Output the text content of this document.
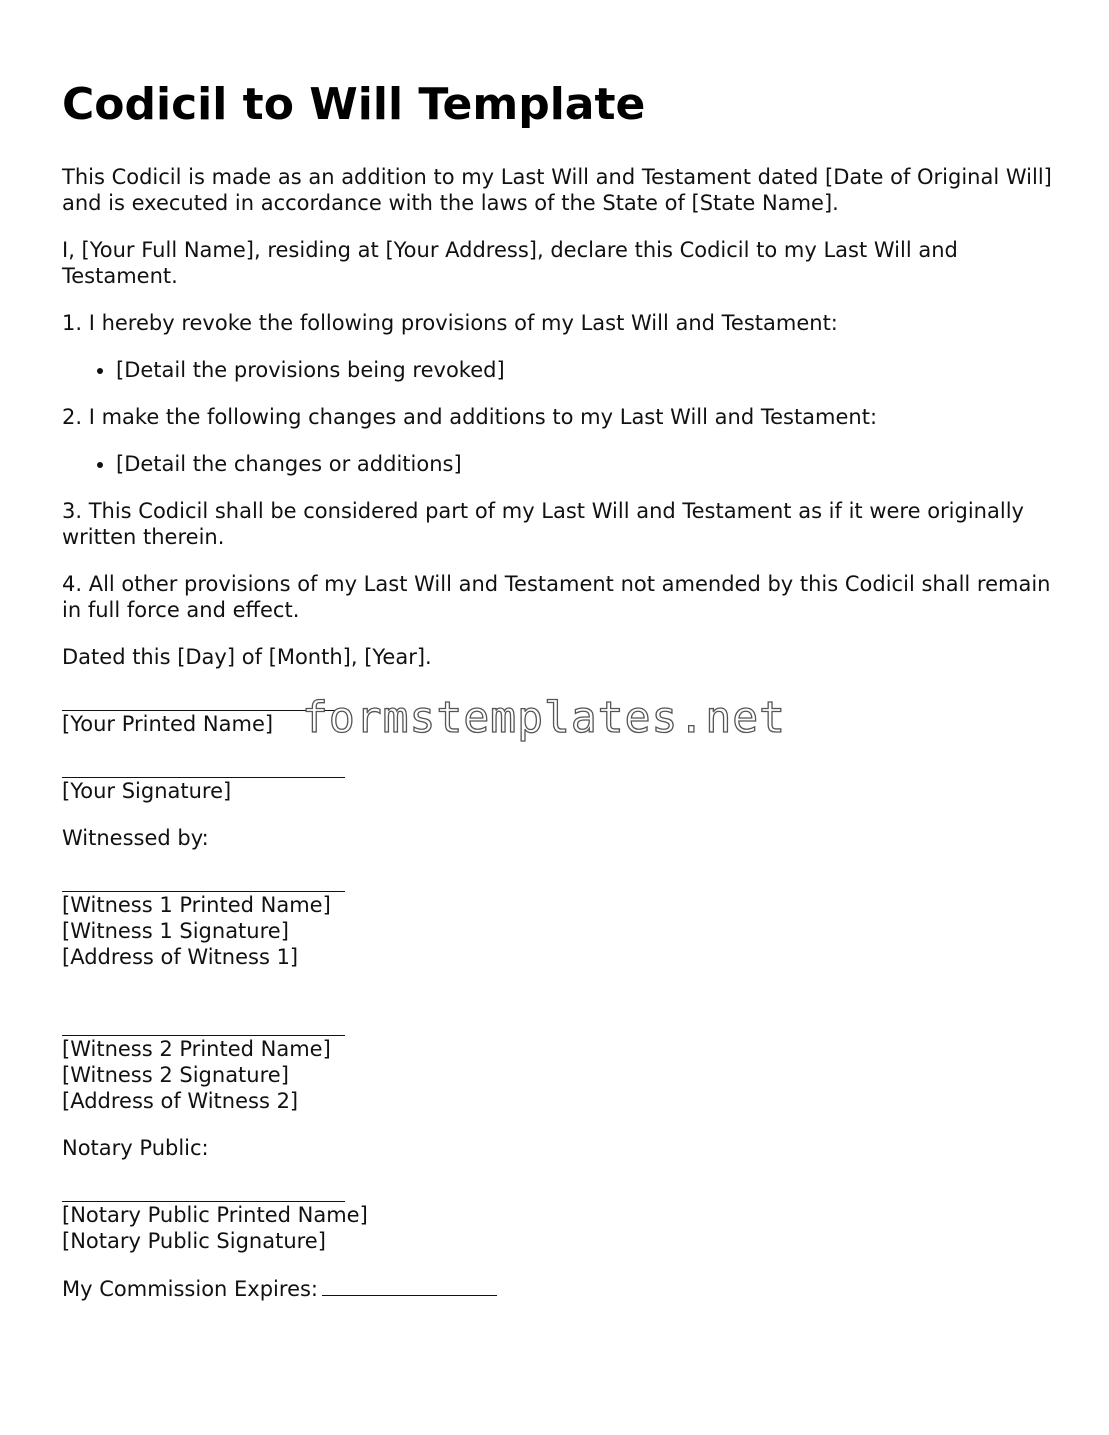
Codicil to Will Template

This Codicil is made as an addition to my Last Will and Testament dated [Date of Original Will] and is executed in accordance with the laws of the State of [State Name].

I, [Your Full Name], residing at [Your Address], declare this Codicil to my Last Will and Testament.

1. I hereby revoke the following provisions of my Last Will and Testament:

• [Detail the provisions being revoked]

2. I make the following changes and additions to my Last Will and Testament:

• [Detail the changes or additions]

3. This Codicil shall be considered part of my Last Will and Testament as if it were originally written therein.

4. All other provisions of my Last Will and Testament not amended by this Codicil shall remain in full force and effect.

Dated this [Day] of [Month], [Year].

[Your Printed Name]
[Your Signature]

Witnessed by:

[Witness 1 Printed Name]
[Witness 1 Signature]
[Address of Witness 1]
[Witness 2 Printed Name]
[Witness 2 Signature]
[Address of Witness 2]

Notary Public:

[Notary Public Printed Name]
[Notary Public Signature]

My Commission Expires:

formstemplates.net
